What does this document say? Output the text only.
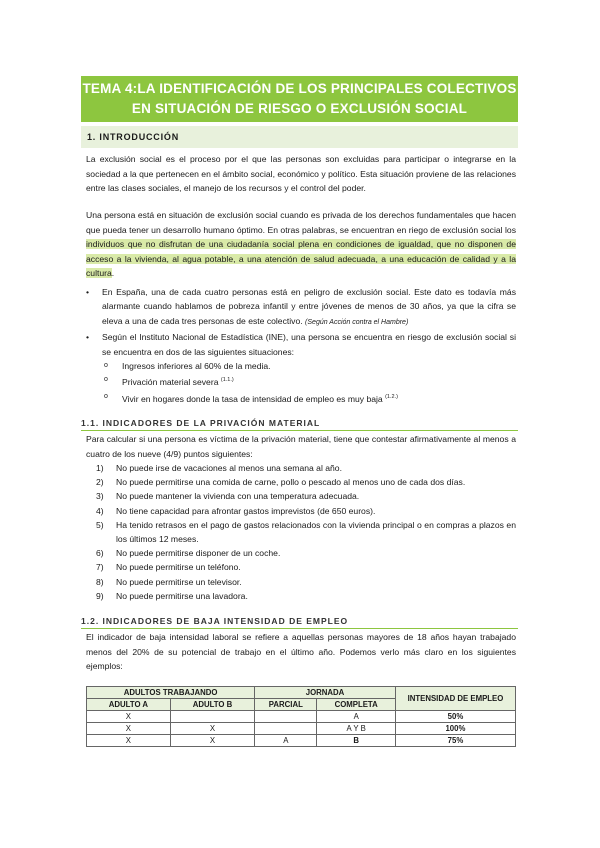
TEMA 4:LA IDENTIFICACIÓN DE LOS PRINCIPALES COLECTIVOS EN SITUACIÓN DE RIESGO O EXCLUSIÓN SOCIAL
1. INTRODUCCIÓN
La exclusión social es el proceso por el que las personas son excluidas para participar o integrarse en la sociedad a la que pertenecen en el ámbito social, económico y político. Esta situación proviene de las relaciones entre las clases sociales, el manejo de los recursos y el control del poder.
Una persona está en situación de exclusión social cuando es privada de los derechos fundamentales que hacen que pueda tener un desarrollo humano óptimo. En otras palabras, se encuentran en riego de exclusión social los individuos que no disfrutan de una ciudadanía social plena en condiciones de igualdad, que no disponen de acceso a la vivienda, al agua potable, a una atención de salud adecuada, a una educación de calidad y a la cultura.
• En España, una de cada cuatro personas está en peligro de exclusión social. Este dato es todavía más alarmante cuando hablamos de pobreza infantil y entre jóvenes de menos de 30 años, ya que la cifra se eleva a una de cada tres personas de este colectivo. (Según Acción contra el Hambre)
• Según el Instituto Nacional de Estadística (INE), una persona se encuentra en riesgo de exclusión social si se encuentra en dos de las siguientes situaciones:
o Ingresos inferiores al 60% de la media.
o Privación material severa $^{(1.1.)}$
o Vivir en hogares donde la tasa de intensidad de empleo es muy baja $^{(1.2.)}$
1.1. INDICADORES DE LA PRIVACIÓN MATERIAL
Para calcular si una persona es víctima de la privación material, tiene que contestar afirmativamente al menos a cuatro de los nueve (4/9) puntos siguientes:
1) No puede irse de vacaciones al menos una semana al año.
2) No puede permitirse una comida de carne, pollo o pescado al menos uno de cada dos días.
3) No puede mantener la vivienda con una temperatura adecuada.
4) No tiene capacidad para afrontar gastos imprevistos (de 650 euros).
5) Ha tenido retrasos en el pago de gastos relacionados con la vivienda principal o en compras a plazos en los últimos 12 meses.
6) No puede permitirse disponer de un coche.
7) No puede permitirse un teléfono.
8) No puede permitirse un televisor.
9) No puede permitirse una lavadora.
1.2. INDICADORES DE BAJA INTENSIDAD DE EMPLEO
El indicador de baja intensidad laboral se refiere a aquellas personas mayores de 18 años hayan trabajado menos del 20% de su potencial de trabajo en el último año. Podemos verlo más claro en los siguientes ejemplos:
ADULTOS TRABAJANDO		JORNADA		INTENSIDAD DE EMPLEO
ADULTO A	ADULTO B	PARCIAL	COMPLETA	
X			A	50%
X	X		A Y B	100%
X	X	A	B	75%
